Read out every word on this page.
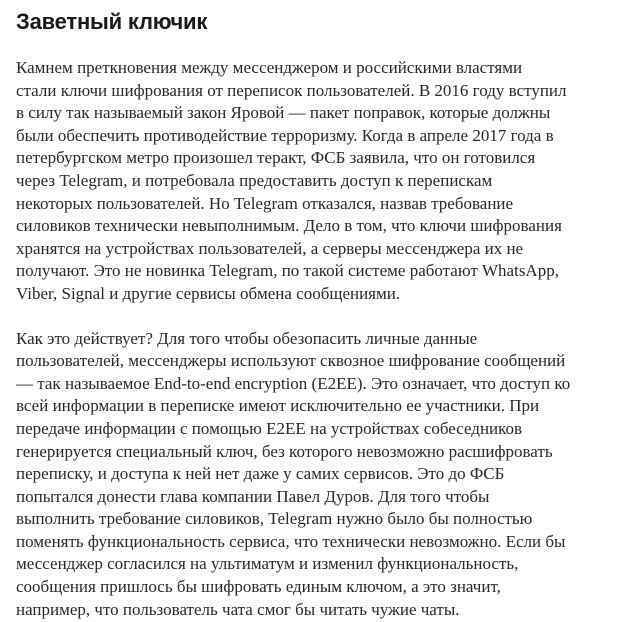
Заветный ключик

Камнем преткновения между мессенджером и российскими властями
стали ключи шифрования от переписок пользователей. В 2016 году вступил
в силу так называемый закон Яровой — пакет поправок, которые должны
были обеспечить противодействие терроризму. Когда в апреле 2017 года в
петербургском метро произошел теракт, ФСБ заявила, что он готовился
через Telegram, и потребовала предоставить доступ к перепискам
некоторых пользователей. Но Telegram отказался, назвав требование
силовиков технически невыполнимым. Дело в том, что ключи шифрования
хранятся на устройствах пользователей, а серверы мессенджера их не
получают. Это не новинка Telegram, по такой системе работают WhatsApp,
Viber, Signal и другие сервисы обмена сообщениями.

Как это действует? Для того чтобы обезопасить личные данные
пользователей, мессенджеры используют сквозное шифрование сообщений
— так называемое End-to-end encryption (E2EE). Это означает, что доступ ко
всей информации в переписке имеют исключительно ее участники. При
передаче информации с помощью E2EE на устройствах собеседников
генерируется специальный ключ, без которого невозможно расшифровать
переписку, и доступа к ней нет даже у самих сервисов. Это до ФСБ
попытался донести глава компании Павел Дуров. Для того чтобы
выполнить требование силовиков, Telegram нужно было бы полностью
поменять функциональность сервиса, что технически невозможно. Если бы
мессенджер согласился на ультиматум и изменил функциональность,
сообщения пришлось бы шифровать единым ключом, а это значит,
например, что пользователь чата смог бы читать чужие чаты.
